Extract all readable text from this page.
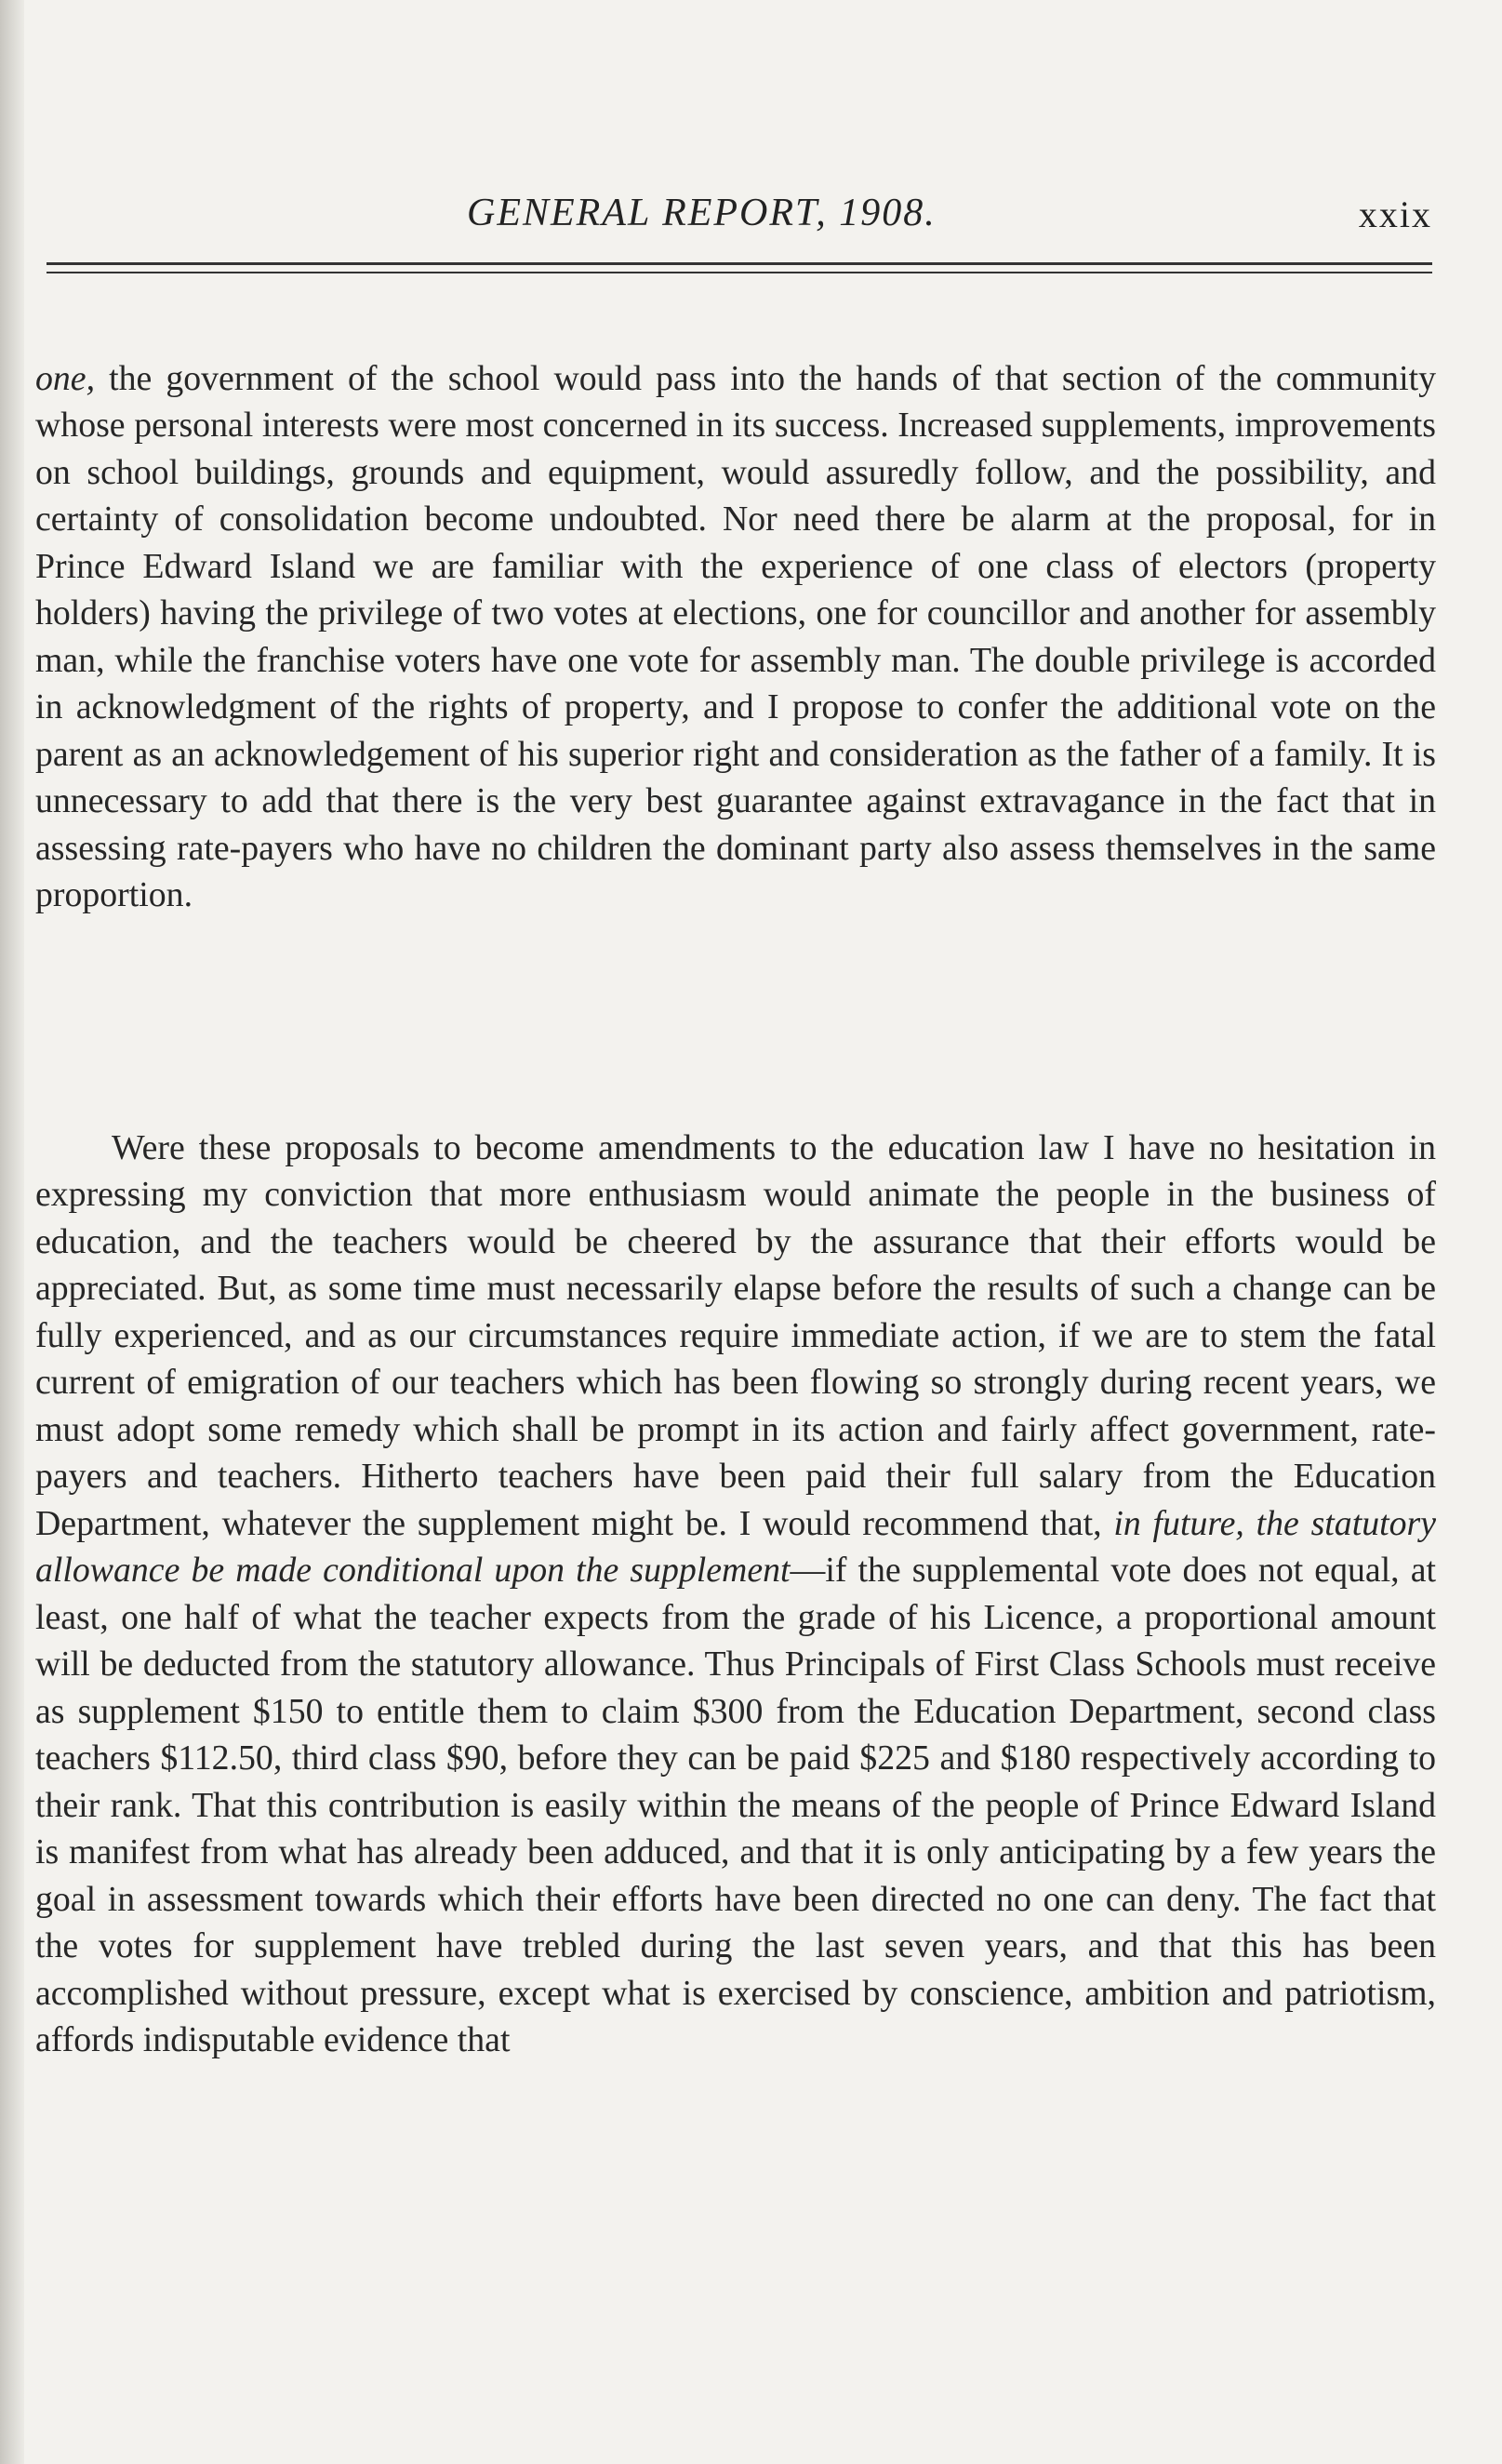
GENERAL REPORT, 1908.	xxix

one, the government of the school would pass into the hands of that section of the community whose personal interests were most concerned in its success. Increased supplements, improvements on school buildings, grounds and equipment, would assuredly follow, and the possibility, and certainty of consolidation become undoubted. Nor need there be alarm at the proposal, for in Prince Edward Island we are familiar with the experience of one class of electors (property holders) having the privilege of two votes at elections, one for councillor and another for assembly man, while the franchise voters have one vote for assembly man. The double privilege is accorded in acknowledgment of the rights of property, and I propose to confer the additional vote on the parent as an acknowledgement of his superior right and consideration as the father of a family. It is unnecessary to add that there is the very best guarantee against extravagance in the fact that in assessing rate-payers who have no children the dominant party also assess themselves in the same proportion.

Were these proposals to become amendments to the education law I have no hesitation in expressing my conviction that more enthusiasm would animate the people in the business of education, and the teachers would be cheered by the assurance that their efforts would be appreciated. But, as some time must necessarily elapse before the results of such a change can be fully experienced, and as our circumstances require immediate action, if we are to stem the fatal current of emigration of our teachers which has been flowing so strongly during recent years, we must adopt some remedy which shall be prompt in its action and fairly affect government, rate-payers and teachers. Hitherto teachers have been paid their full salary from the Education Department, whatever the supplement might be. I would recommend that, in future, the statutory allowance be made conditional upon the supplement—if the supplemental vote does not equal, at least, one half of what the teacher expects from the grade of his Licence, a proportional amount will be deducted from the statutory allowance. Thus Principals of First Class Schools must receive as supplement $150 to entitle them to claim $300 from the Education Department, second class teachers $112.50, third class $90, before they can be paid $225 and $180 respectively according to their rank. That this contribution is easily within the means of the people of Prince Edward Island is manifest from what has already been adduced, and that it is only anticipating by a few years the goal in assessment towards which their efforts have been directed no one can deny. The fact that the votes for supplement have trebled during the last seven years, and that this has been accomplished without pressure, except what is exercised by conscience, ambition and patriotism, affords indisputable evidence that
